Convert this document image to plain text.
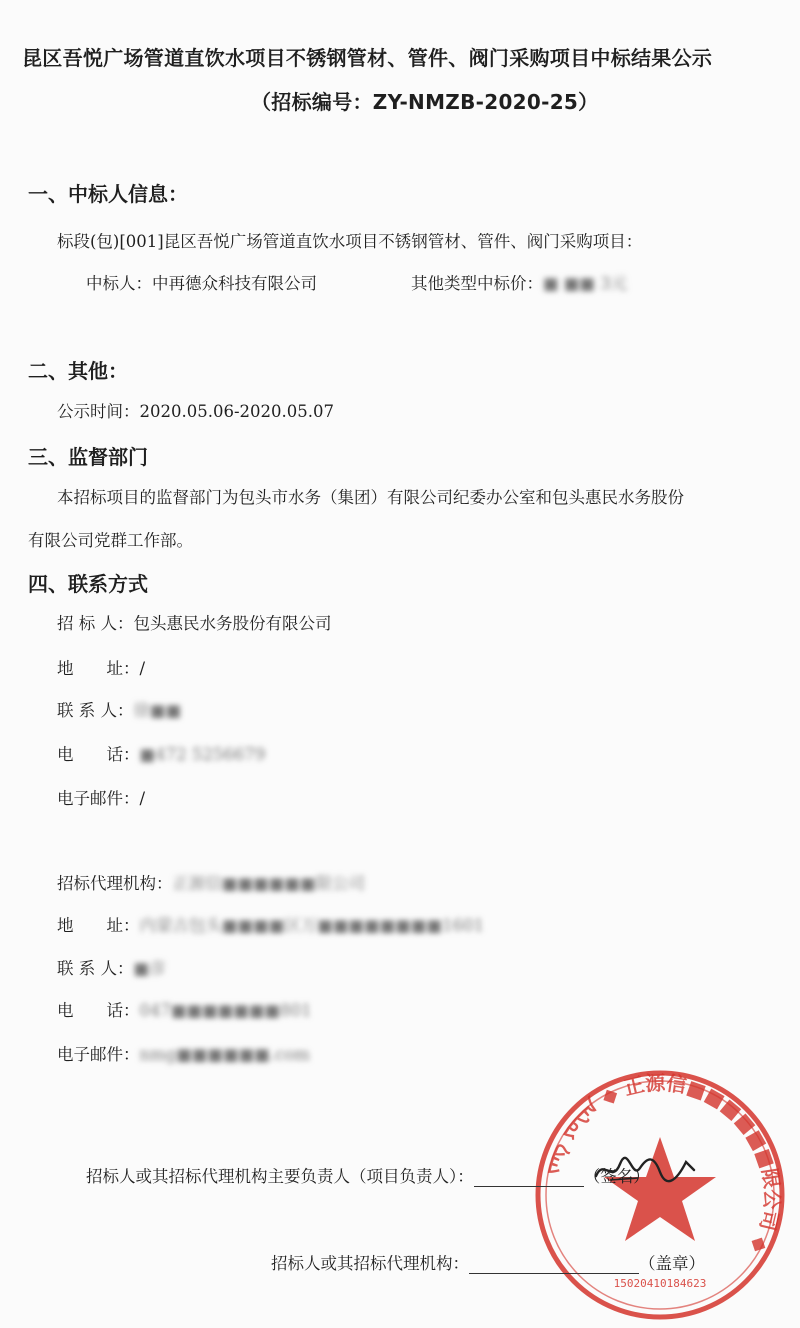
昆区吾悦广场管道直饮水项目不锈钢管材、管件、阀门采购项目中标结果公示
（招标编号：ZY-NMZB-2020-25）
一、中标人信息：
标段(包)[001]昆区吾悦广场管道直饮水项目不锈钢管材、管件、阀门采购项目：
中标人：中再德众科技有限公司	其他类型中标价：■ ■■ 3元
二、其他：
公示时间：2020.05.06-2020.05.07
三、监督部门
本招标项目的监督部门为包头市水务（集团）有限公司纪委办公室和包头惠民水务股份
有限公司党群工作部。
四、联系方式
招 标 人：包头惠民水务股份有限公司
地　　址：/
联 系 人：徐■■
电　　话：■472 5256679
电子邮件：/
招标代理机构：正源信■■■■■■限公司
地　　址：内蒙古包头■■■■区万■■■■■■■■1601
联 系 人：■彦
电　　话：047■■■■■■■801
电子邮件：nmg■■■■■■.com
ᠵᠡᠩ ᠶᠤᠸᠠᠨ ◆ 正源信■■■■■■限公司 ◆
15020410184623
招标人或其招标代理机构主要负责人（项目负责人）：	（签名）
招标人或其招标代理机构：	（盖章）
